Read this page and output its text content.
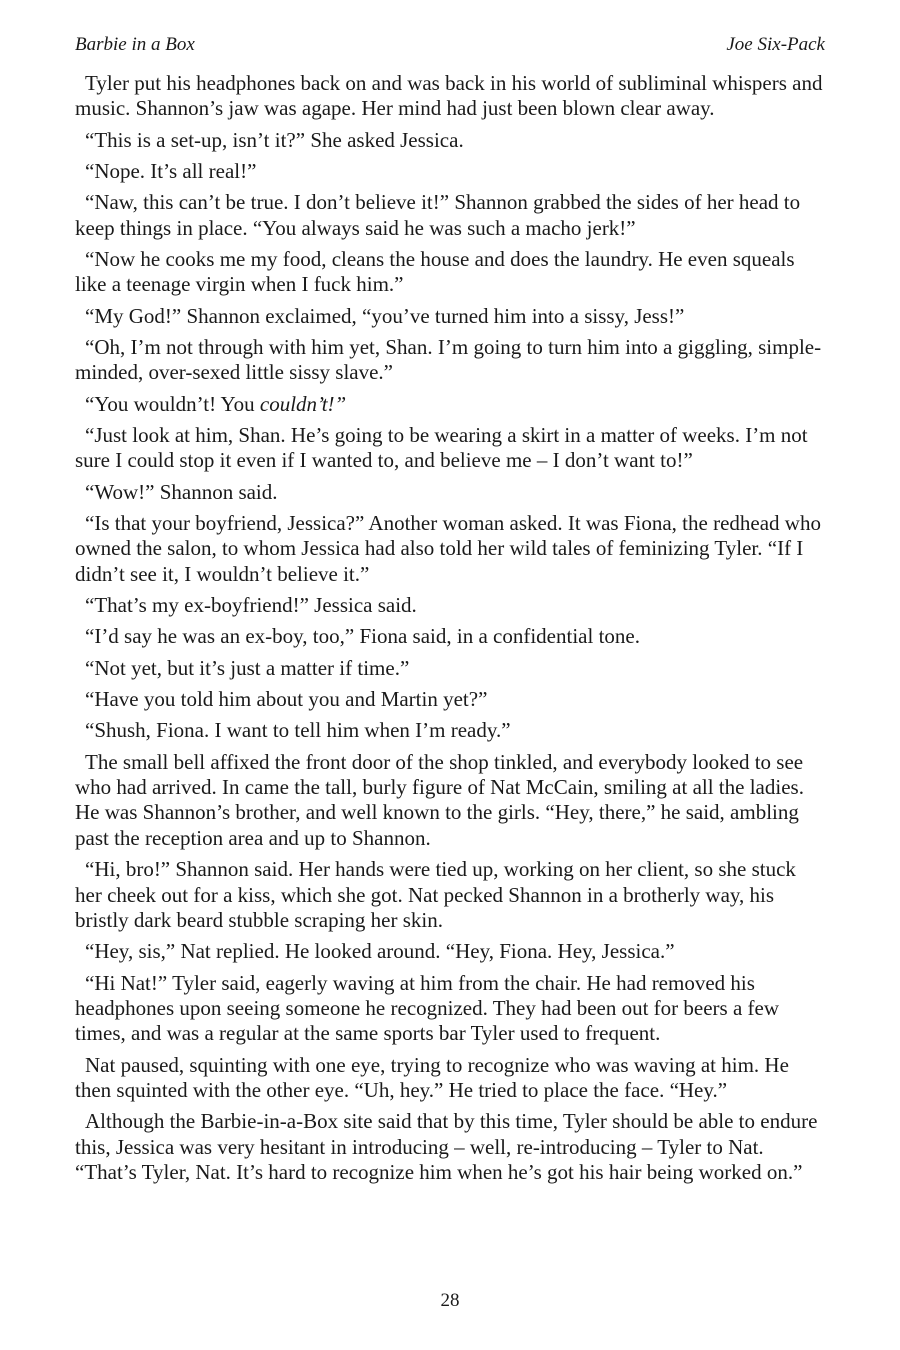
Barbie in a Box	Joe Six-Pack

Tyler put his headphones back on and was back in his world of subliminal whispers and music. Shannon’s jaw was agape. Her mind had just been blown clear away.

“This is a set-up, isn’t it?” She asked Jessica.

“Nope. It’s all real!”

“Naw, this can’t be true. I don’t believe it!” Shannon grabbed the sides of her head to keep things in place. “You always said he was such a macho jerk!”

“Now he cooks me my food, cleans the house and does the laundry. He even squeals like a teenage virgin when I fuck him.”

“My God!” Shannon exclaimed, “you’ve turned him into a sissy, Jess!”

“Oh, I’m not through with him yet, Shan. I’m going to turn him into a giggling, simple-minded, over-sexed little sissy slave.”

“You wouldn’t! You couldn’t!”

“Just look at him, Shan. He’s going to be wearing a skirt in a matter of weeks. I’m not sure I could stop it even if I wanted to, and believe me – I don’t want to!”

“Wow!” Shannon said.

“Is that your boyfriend, Jessica?” Another woman asked. It was Fiona, the redhead who owned the salon, to whom Jessica had also told her wild tales of feminizing Tyler. “If I didn’t see it, I wouldn’t believe it.”

“That’s my ex-boyfriend!” Jessica said.

“I’d say he was an ex-boy, too,” Fiona said, in a confidential tone.

“Not yet, but it’s just a matter if time.”

“Have you told him about you and Martin yet?”

“Shush, Fiona. I want to tell him when I’m ready.”

The small bell affixed the front door of the shop tinkled, and everybody looked to see who had arrived. In came the tall, burly figure of Nat McCain, smiling at all the ladies. He was Shannon’s brother, and well known to the girls. “Hey, there,” he said, ambling past the reception area and up to Shannon.

“Hi, bro!” Shannon said. Her hands were tied up, working on her client, so she stuck her cheek out for a kiss, which she got. Nat pecked Shannon in a brotherly way, his bristly dark beard stubble scraping her skin.

“Hey, sis,” Nat replied. He looked around. “Hey, Fiona. Hey, Jessica.”

“Hi Nat!” Tyler said, eagerly waving at him from the chair. He had removed his headphones upon seeing someone he recognized. They had been out for beers a few times, and was a regular at the same sports bar Tyler used to frequent.

Nat paused, squinting with one eye, trying to recognize who was waving at him. He then squinted with the other eye. “Uh, hey.” He tried to place the face. “Hey.”

Although the Barbie-in-a-Box site said that by this time, Tyler should be able to endure this, Jessica was very hesitant in introducing – well, re-introducing – Tyler to Nat. “That’s Tyler, Nat. It’s hard to recognize him when he’s got his hair being worked on.”

28
